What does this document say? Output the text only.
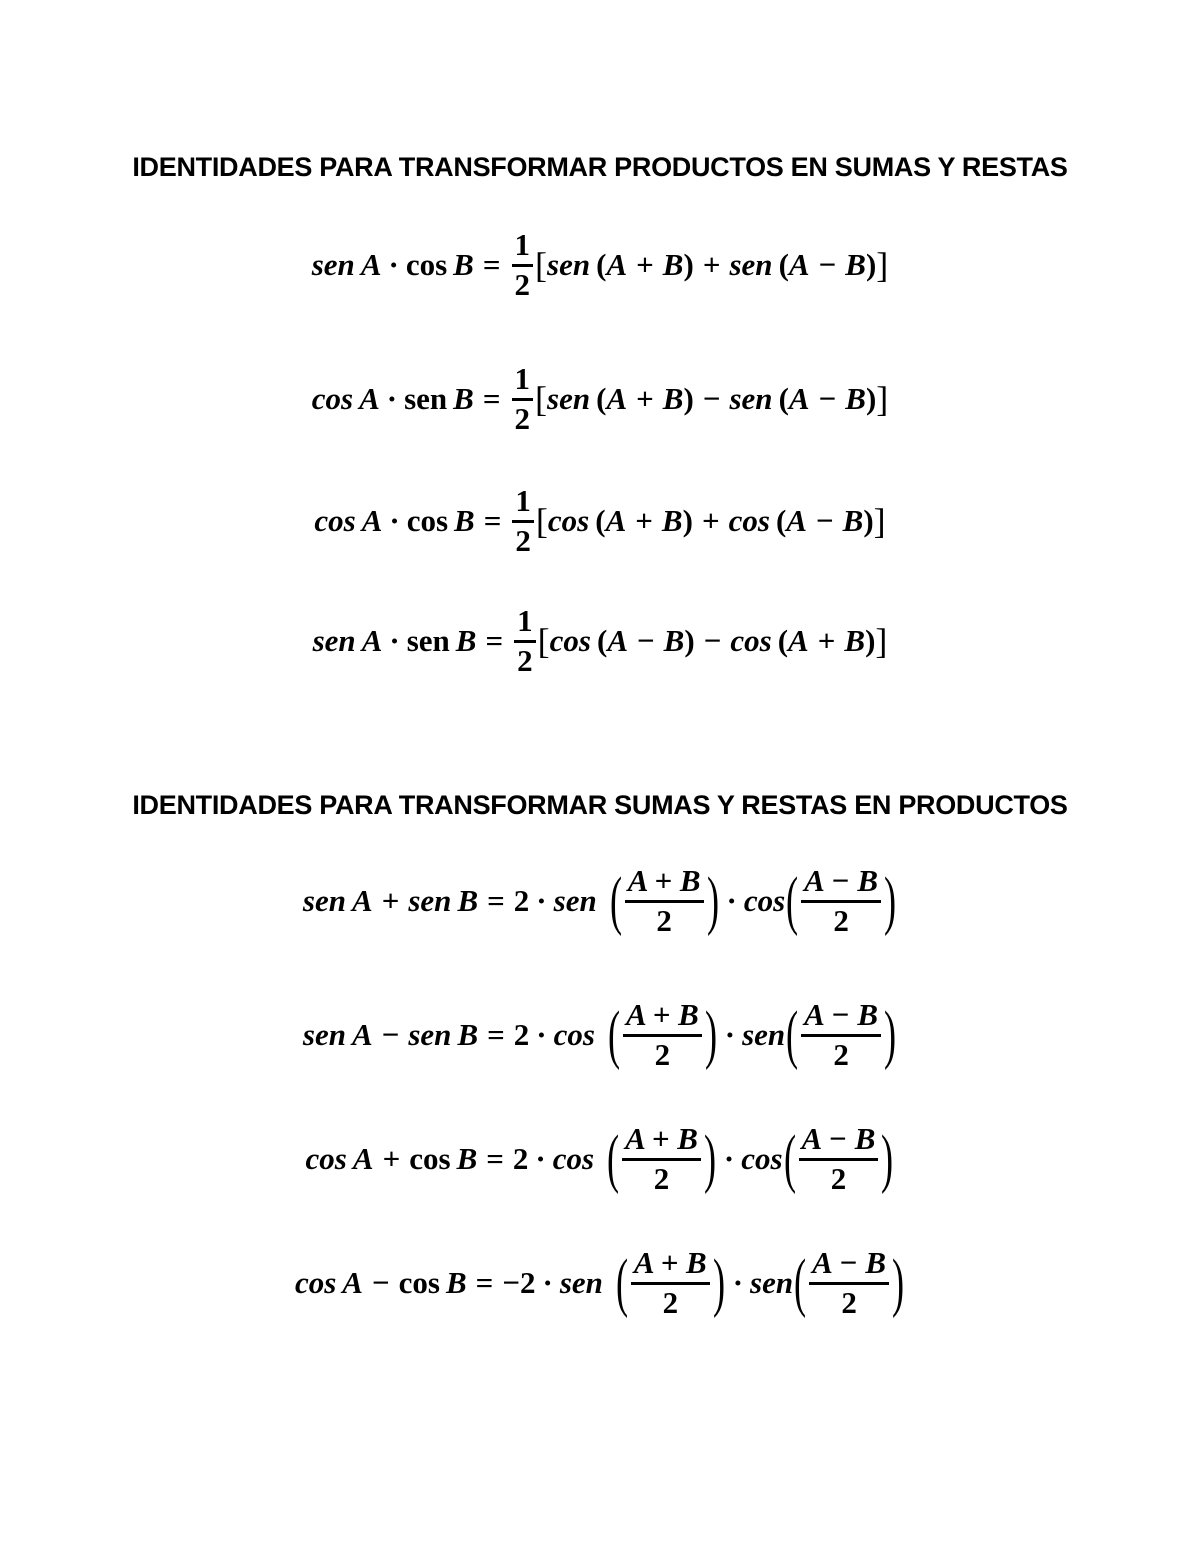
IDENTIDADES PARA TRANSFORMAR PRODUCTOS EN SUMAS Y RESTAS
sen $A \cdot \cos B = \frac{1}{2}$ [ sen ( A + B ) + sen ( A − B ) ]
cos A · sen $B = \frac{1}{2}$ [ sen ( A + B ) − sen ( A − B ) ]
$\cos A \cdot \cos B = \frac{1}{2}$ [ cos ( A + B ) + cos ( A − B ) ]
sen A · sen $B = \frac{1}{2}$ [ cos ( A − B ) − cos ( A + B ) ]
IDENTIDADES PARA TRANSFORMAR SUMAS Y RESTAS EN PRODUCTOS
sen A + sen B = 2 · sen ( $\frac{A + B}{2}$ ) · cos ( $\frac{A - B}{2}$ )
sen A − sen B = 2 · cos ( $\frac{A + B}{2}$ ) · sen ( $\frac{A - B}{2}$ )
cos A + cos B = 2 · cos ( $\frac{A + B}{2}$ ) · cos ( $\frac{A - B}{2}$ )
cos A − cos B = −2 · sen ( $\frac{A + B}{2}$ ) · sen ( $\frac{A - B}{2}$ )
